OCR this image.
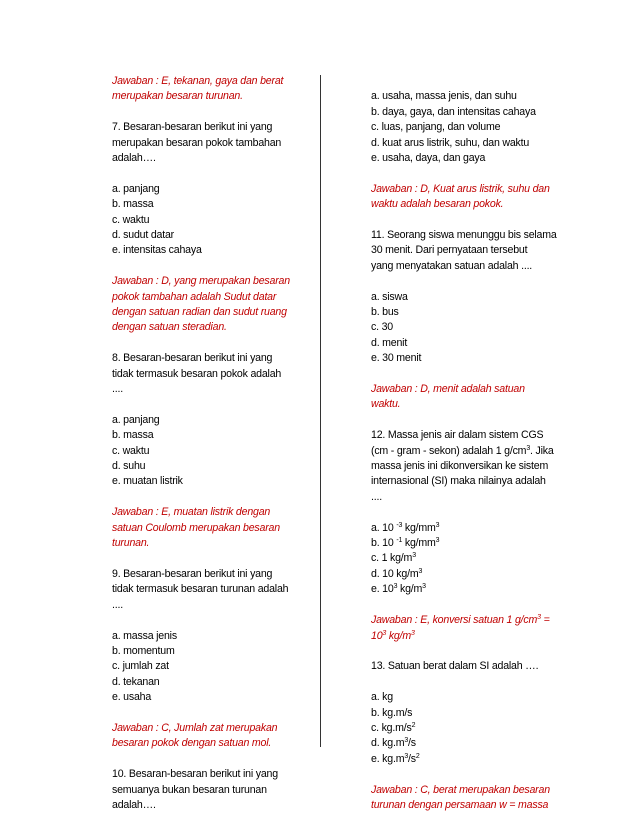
Jawaban : E, tekanan, gaya dan berat
merupakan besaran turunan.
7. Besaran-besaran berikut ini yang
merupakan besaran pokok tambahan
adalah….
a. panjang
b. massa
c. waktu
d. sudut datar
e. intensitas cahaya
Jawaban : D, yang merupakan besaran
pokok tambahan adalah Sudut datar
dengan satuan radian dan sudut ruang
dengan satuan steradian.
8. Besaran-besaran berikut ini yang
tidak termasuk besaran pokok adalah
....
a. panjang
b. massa
c. waktu
d. suhu
e. muatan listrik
Jawaban : E, muatan listrik dengan
satuan Coulomb merupakan besaran
turunan.
9. Besaran-besaran berikut ini yang
tidak termasuk besaran turunan adalah
....
a. massa jenis
b. momentum
c. jumlah zat
d. tekanan
e. usaha
Jawaban : C, Jumlah zat merupakan
besaran pokok dengan satuan mol.
10. Besaran-besaran berikut ini yang
semuanya bukan besaran turunan
adalah….
a. usaha, massa jenis, dan suhu
b. daya, gaya, dan intensitas cahaya
c. luas, panjang, dan volume
d. kuat arus listrik, suhu, dan waktu
e. usaha, daya, dan gaya
Jawaban : D, Kuat arus listrik, suhu dan
waktu adalah besaran pokok.
11. Seorang siswa menunggu bis selama
30 menit. Dari pernyataan tersebut
yang menyatakan satuan adalah ....
a. siswa
b. bus
c. 30
d. menit
e. 30 menit
Jawaban : D, menit adalah satuan
waktu.
12. Massa jenis air dalam sistem CGS
(cm - gram - sekon) adalah 1 $g/cm^3$. Jika
massa jenis ini dikonversikan ke sistem
internasional (SI) maka nilainya adalah
....
a. 10 $^{-3}$ $kg/mm^3$
b. 10 $^{-1}$ $kg/mm^3$
c. 1 $kg/m^3$
d. 10 $kg/m^3$
e. $10^3$ $kg/m^3$
Jawaban : E, konversi satuan 1 $g/cm^3$ =
$10^3$ $kg/m^3$
13. Satuan berat dalam SI adalah ….
a. kg
b. kg.m/s
c. $kg.m/s^2$
d. $kg.m^3/s$
e. $kg.m^3/s^2$
Jawaban : C, berat merupakan besaran
turunan dengan persamaan w = massa
